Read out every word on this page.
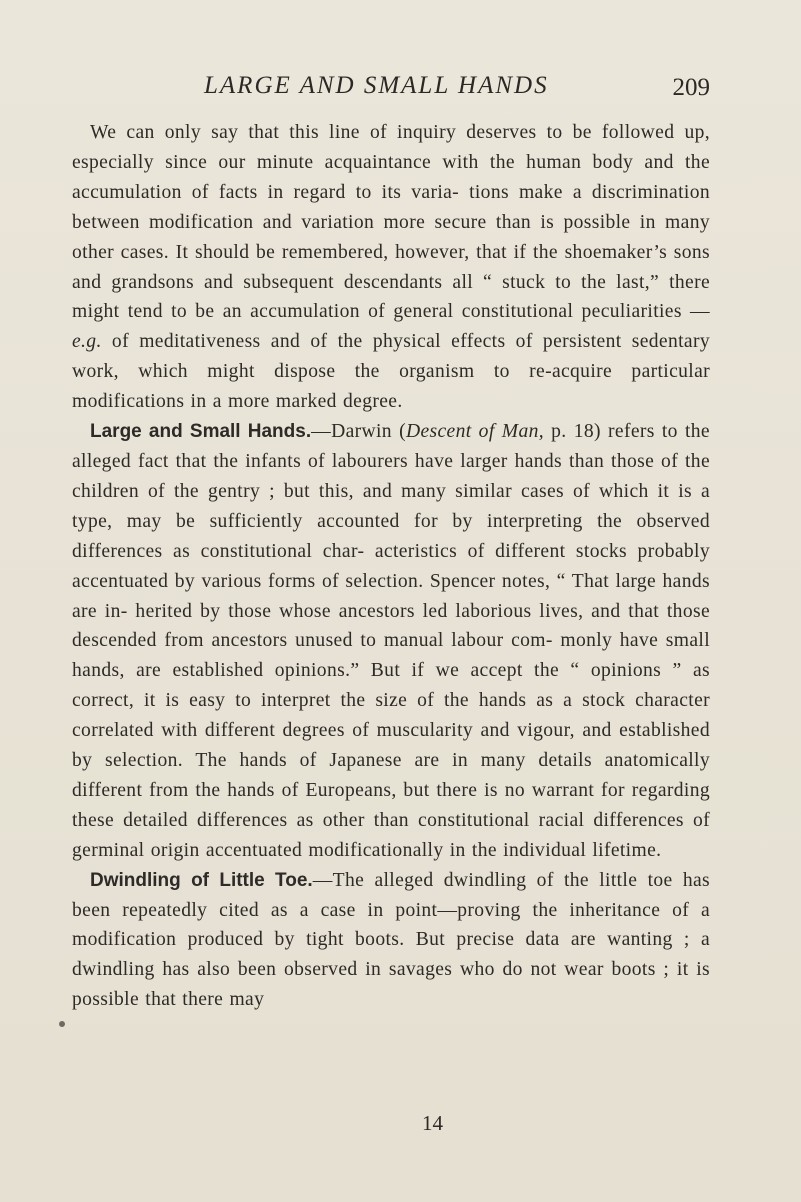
LARGE AND SMALL HANDS	209

We can only say that this line of inquiry deserves to be followed up, especially since our minute acquaintance with the human body and the accumulation of facts in regard to its varia- tions make a discrimination between modification and variation more secure than is possible in many other cases. It should be remembered, however, that if the shoemaker’s sons and grandsons and subsequent descendants all “ stuck to the last,” there might tend to be an accumulation of general constitutional peculiarities —e.g. of meditativeness and of the physical effects of persistent sedentary work, which might dispose the organism to re-acquire particular modifications in a more marked degree.

Large and Small Hands.—Darwin (Descent of Man, p. 18) refers to the alleged fact that the infants of labourers have larger hands than those of the children of the gentry ; but this, and many similar cases of which it is a type, may be sufficiently accounted for by interpreting the observed differences as constitutional char- acteristics of different stocks probably accentuated by various forms of selection. Spencer notes, “ That large hands are in- herited by those whose ancestors led laborious lives, and that those descended from ancestors unused to manual labour com- monly have small hands, are established opinions.” But if we accept the “ opinions ” as correct, it is easy to interpret the size of the hands as a stock character correlated with different degrees of muscularity and vigour, and established by selection. The hands of Japanese are in many details anatomically different from the hands of Europeans, but there is no warrant for regarding these detailed differences as other than constitutional racial differences of germinal origin accentuated modificationally in the individual lifetime.

Dwindling of Little Toe.—The alleged dwindling of the little toe has been repeatedly cited as a case in point—proving the inheritance of a modification produced by tight boots. But precise data are wanting ; a dwindling has also been observed in savages who do not wear boots ; it is possible that there may

14
